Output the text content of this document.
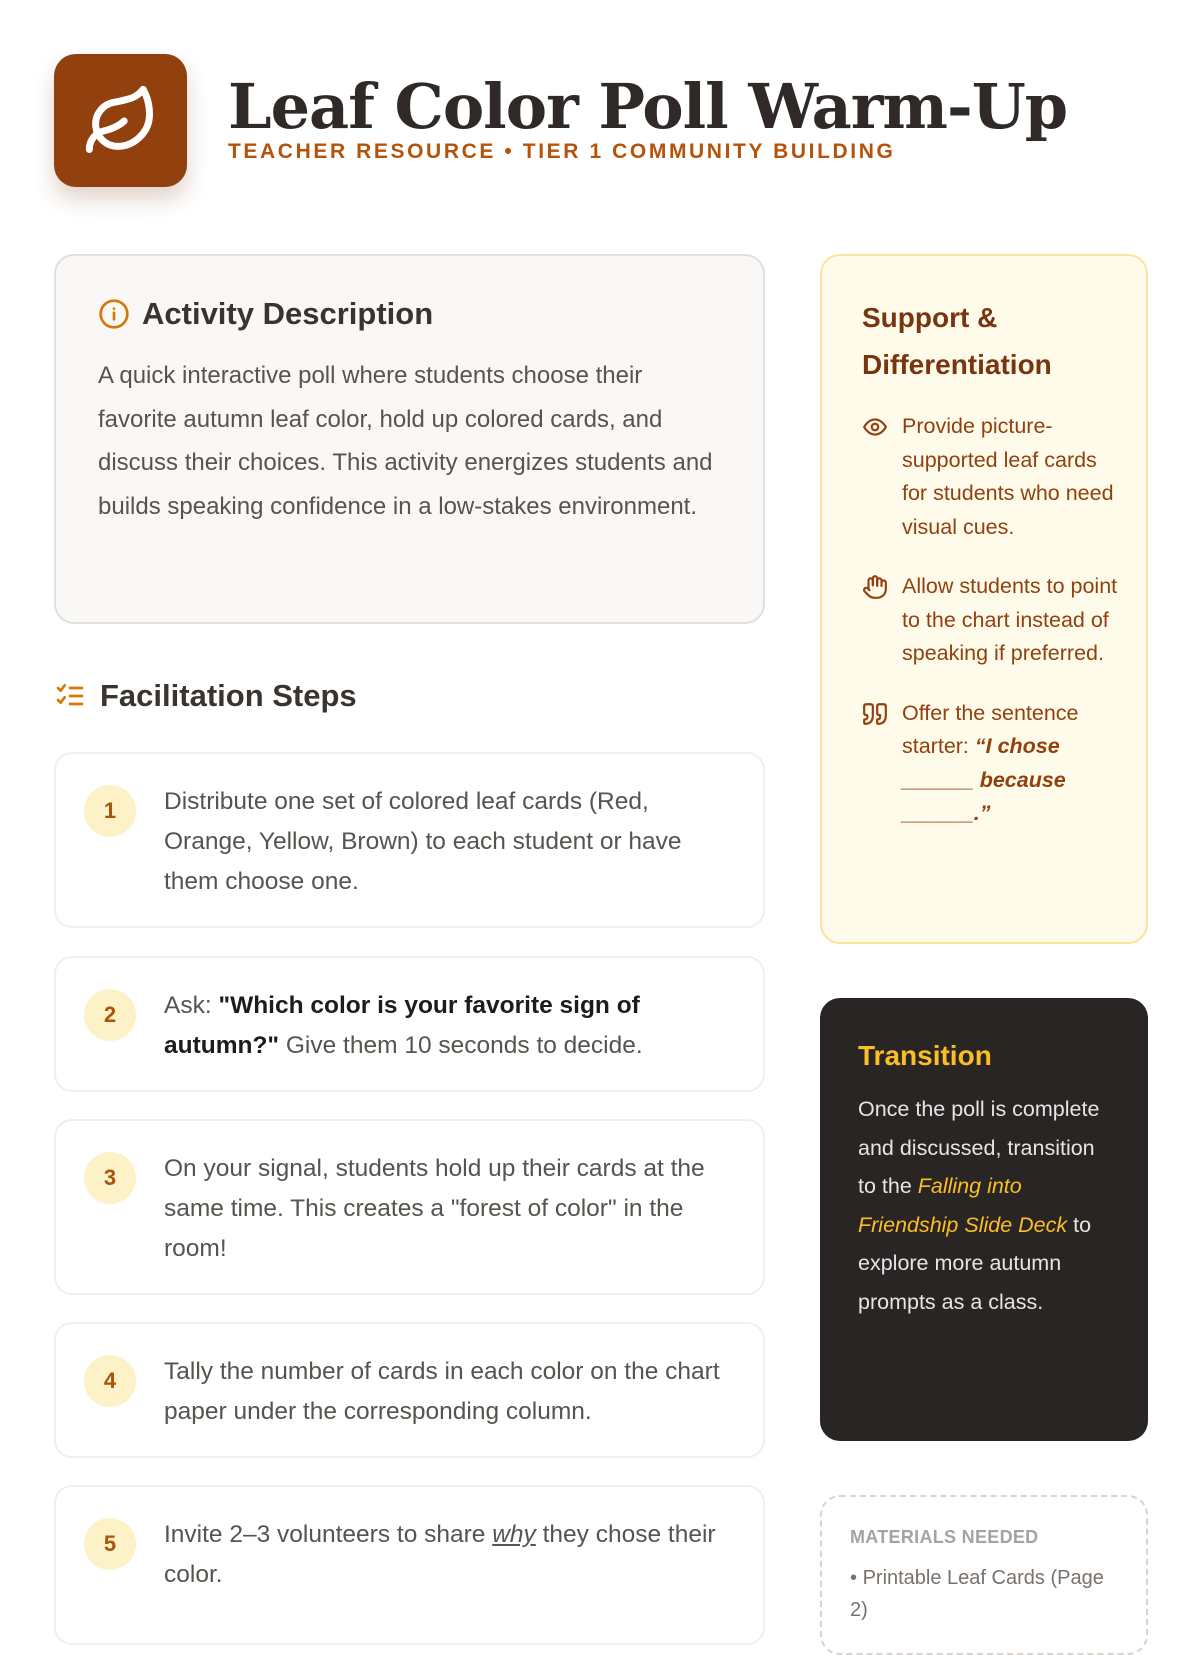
Leaf Color Poll Warm-Up
TEACHER RESOURCE • TIER 1 COMMUNITY BUILDING
Activity Description

A quick interactive poll where students choose their favorite autumn leaf color, hold up colored cards, and discuss their choices. This activity energizes students and builds speaking confidence in a low-stakes environment.

Facilitation Steps
1	Distribute one set of colored leaf cards (Red, Orange, Yellow, Brown) to each student or have them choose one.

2	Ask: "Which color is your favorite sign of autumn?" Give them 10 seconds to decide.

3	On your signal, students hold up their cards at the same time. This creates a "forest of color" in the room!

4	Tally the number of cards in each color on the chart paper under the corresponding column.

5	Invite 2–3 volunteers to share why they chose their color.

Support & Differentiation
Provide picture-supported leaf cards for students who need visual cues.
Allow students to point to the chart instead of speaking if preferred.
Offer the sentence starter: “I chose ______ because ______.”
Transition

Once the poll is complete and discussed, transition to the Falling into Friendship Slide Deck to explore more autumn prompts as a class.

MATERIALS NEEDED
• Printable Leaf Cards (Page 2)
